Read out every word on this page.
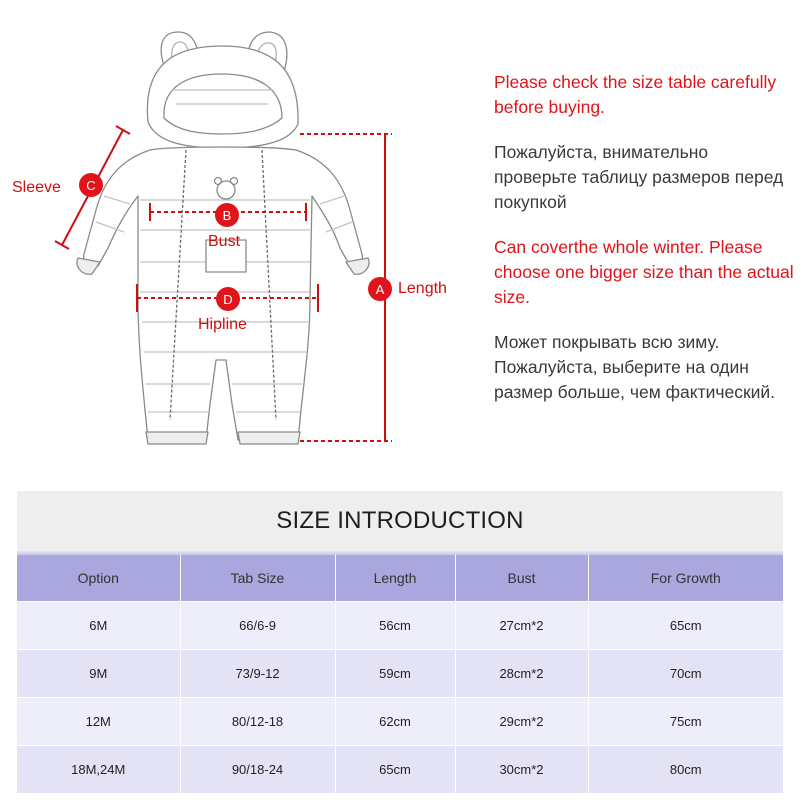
C
Sleeve
B
Bust
D
Hipline
A Length

Please check the size table carefully before buying.

Пожалуйста, внимательно проверьте таблицу размеров перед покупкой

Can coverthe whole winter. Please choose one bigger size than the actual size.

Может покрывать всю зиму. Пожалуйста, выберите на один размер больше, чем фактический.

SIZE INTRODUCTION
Option	Tab Size	Length	Bust	For Growth
6M	66/6-9	56cm	27cm*2	65cm
9M	73/9-12	59cm	28cm*2	70cm
12M	80/12-18	62cm	29cm*2	75cm
18M,24M	90/18-24	65cm	30cm*2	80cm
